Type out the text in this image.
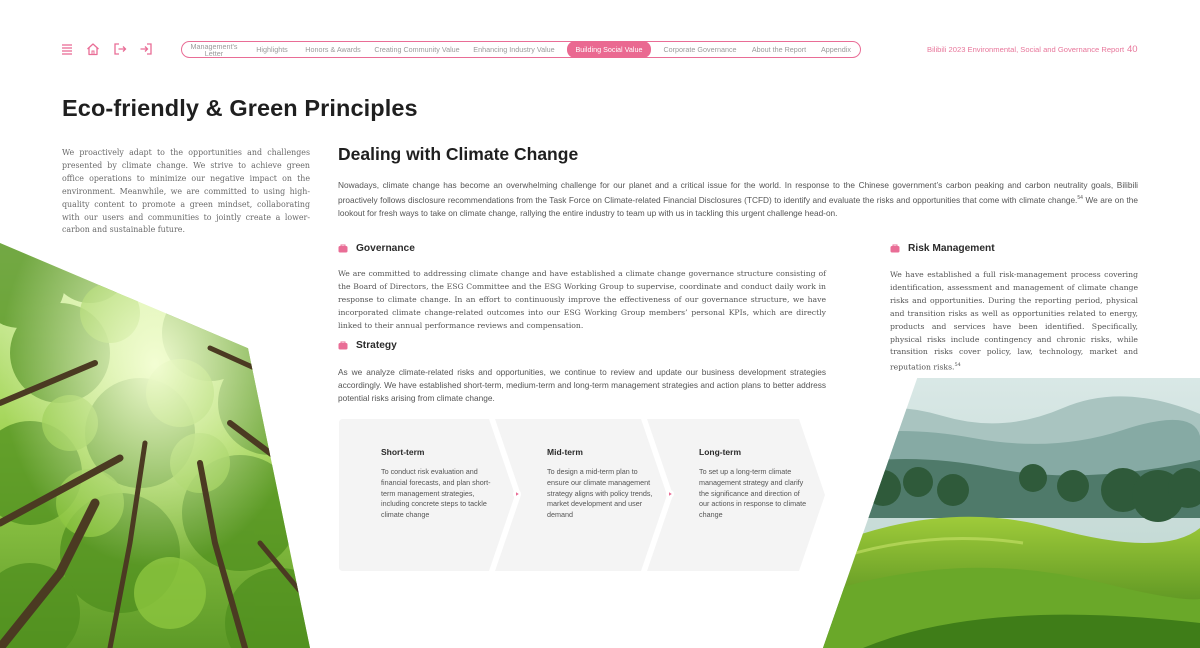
Management's Letter	Highlights	Honors & Awards	Creating Community Value Enhancing Industry Value	Building Social Value	Corporate Governance	About the Report	Appendix	Bilibili 2023 Environmental, Social and Governance Report 40
Eco-friendly & Green Principles

We proactively adapt to the opportunities and challenges presented by climate change. We strive to achieve green office operations to minimize our negative impact on the environment. Meanwhile, we are committed to using high-quality content to promote a green mindset, collaborating with our users and communities to jointly create a lower-carbon and sustainable future.

Dealing with Climate Change

Nowadays, climate change has become an overwhelming challenge for our planet and a critical issue for the world. In response to the Chinese government’s carbon peaking and carbon neutrality goals, Bilibili proactively follows disclosure recommendations from the Task Force on Climate-related Financial Disclosures (TCFD) to identify and evaluate the risks and opportunities that come with climate change.$^{54}$ We are on the lookout for fresh ways to take on climate change, rallying the entire industry to team up with us in tackling this urgent challenge head-on.

Governance

We are committed to addressing climate change and have established a climate change governance structure consisting of the Board of Directors, the ESG Committee and the ESG Working Group to supervise, coordinate and conduct daily work in response to climate change. In an effort to continuously improve the effectiveness of our governance structure, we have incorporated climate change-related outcomes into our ESG Working Group members’ personal KPIs, which are directly linked to their annual performance reviews and compensation.

Strategy

As we analyze climate-related risks and opportunities, we continue to review and update our business development strategies accordingly. We have established short-term, medium-term and long-term management strategies and action plans to better address potential risks arising from climate change.

Short-term
To conduct risk evaluation and financial forecasts, and plan short-term management strategies, including concrete steps to tackle climate change
Mid-term
To design a mid-term plan to ensure our climate management strategy aligns with policy trends, market development and user demand
Long-term
To set up a long-term climate management strategy and clarify the significance and direction of our actions in response to climate change
Risk Management

We have established a full risk-management process covering identification, assessment and management of climate change risks and opportunities. During the reporting period, physical and transition risks as well as opportunities related to energy, products and services have been identified. Specifically, physical risks include contingency and chronic risks, while transition risks cover policy, law, technology, market and reputation risks.$^{54}$
